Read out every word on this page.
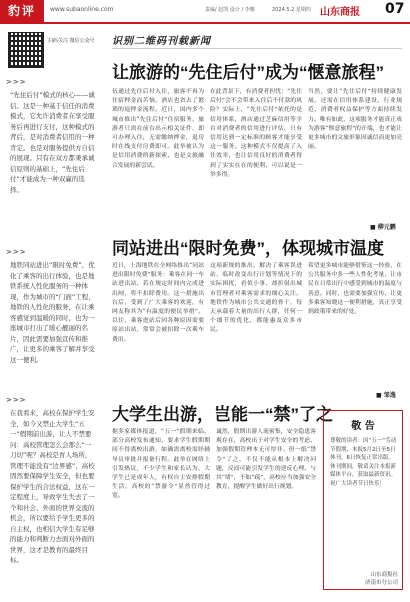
豹评	www.subaonline.com	责编/ 赵凯 设计 / 李娜	2024.5.2 星期四 山东商报 07
扫码关注 微信公众号
>>>
“先住后付”模式的核心——诚信。这是一种基于信任的消费模式，它允许消费者在享受服务后再进行支付，这种模式的背后，是对消费者信用的一种肯定。也是对服务提供方自信的展现。只有在双方都秉承诚信原则的基础上，“先住后付”才能成为一种双赢的选择。
>>>
地铁同站进出“限时免费”，优化了乘客的出行体验，也是地铁系统人性化服务的一种体现，作为城市的“门面”工程，地铁的人性化的服务，在让乘客感觉到温暖的同时，也为一座城市打出了暖心靓丽的名片，因此需要加强宣传和推广，让更多的乘客了解并享受这一便利。
>>>
在我看来，高校在保护学生安全，如今又禁止大学生“五一”假期前出游，让人不禁要问：高校管理怎么会那么“一刀切”呢？高校是育人场所，管理不能没有“边界感”，高校固然要保障学生安全，但也要保护学生的合法权益，这在一定程度上，导致学生失去了一个和社会、外面的世界交流的机会，所以要给予学生更多的自主权，也相信大学生有足够的能力和判断力去面对外面的世界，这才是教育的最终目标。
识别二维码刊载新闻
让旅游的“先住后付”成为“惬意旅程”
伍通过先住后付入住，旅客不再为住宿押金而苦恼，酒店也省去了繁琐的退押金流程。近日，国内多个城市推出“先住后付”住宿服务，旅游者只需在前台出示相关证件，即可办理入住，无需缴纳押金，退房时在线支付房费即可。此举被认为是信用消费的新探索，也是文旅融合发展的新尝试。
在此背景下，有消费者担忧：“先住后付”会不会带来入住后不付款的风险？实际上，“先住后付”依托的是信用体系，酒店通过芝麻信用等平台对消费者的信用进行评估，只有信用达到一定标准的顾客才能享受这一服务。这种模式不仅提高了入住效率，也让信用良好的消费者得到了实实在在的便利，可以说是一举多得。
当然，要让“先住后付”持续健康发展，还需在信用体系建设、行业规范、消费者权益保护等方面持续发力。唯有如此，这项服务才能真正成为游客“惬意旅程”的开端，也才能让更多城市的文旅形象因诚信而更加亮丽。
■ 柳元鹏
同站进出“限时免费”，体现城市温度
近日，上海地铁在全网络推出“同站进出限时免费”服务：乘客在同一车站进出站，若在规定时间内完成进出闸，将不扣除费用。这一措施出台后，受到了广大乘客的欢迎，有网友称其为“有温度的便民举措”。以往，乘客进站后因各种原因需要原站出站，常常会被扣除一次乘车费用。
这项新规的推出，解决了乘客误进站、临时改变出行计划等情况下的实际困扰，看似小事，却折射出城市管理者对乘客需求的细心关注。地铁作为城市公共交通的骨干，每天承载着大量的出行人群，任何一个细节的优化，都能惠及众多市民。
希望更多城市能够借鉴这一经验，在公共服务中多一些人性化考量，让市民在日常出行中感受到城市的温度与善意。同时，也需要加强宣传，让更多乘客知晓这一便利措施，真正享受到政策带来的好处。
■ 邹逸
大学生出游，岂能一“禁”了之
据多家媒体报道，“五一”假期来临，部分高校发布通知，要求学生假期期间不得离校出游，如确需离校需经辅导员审批并报备行程。此举在网络上引发热议，不少学生和家长认为，大学生已是成年人，有权自主安排假期生活，高校的“禁游令”显然管得过宽。
诚然，假期出游人流密集，安全隐患客观存在，高校出于对学生安全的考虑，加强假期管理本无可厚非。但一纸“禁令”了之，不仅不能从根本上解决问题，反而可能引发学生的逆反心理。与其“堵”，不如“疏”，高校应当加强安全教育，提醒学生做好出行规划。
敬 告
尊敬的读者：因“五一”劳动节假期，本报5月2日至5日休刊，6日恢复正常出版。休刊期间，敬请关注本报新媒体平台，获取最新资讯。祝广大读者节日快乐！
山东商报社
济南市分公司
